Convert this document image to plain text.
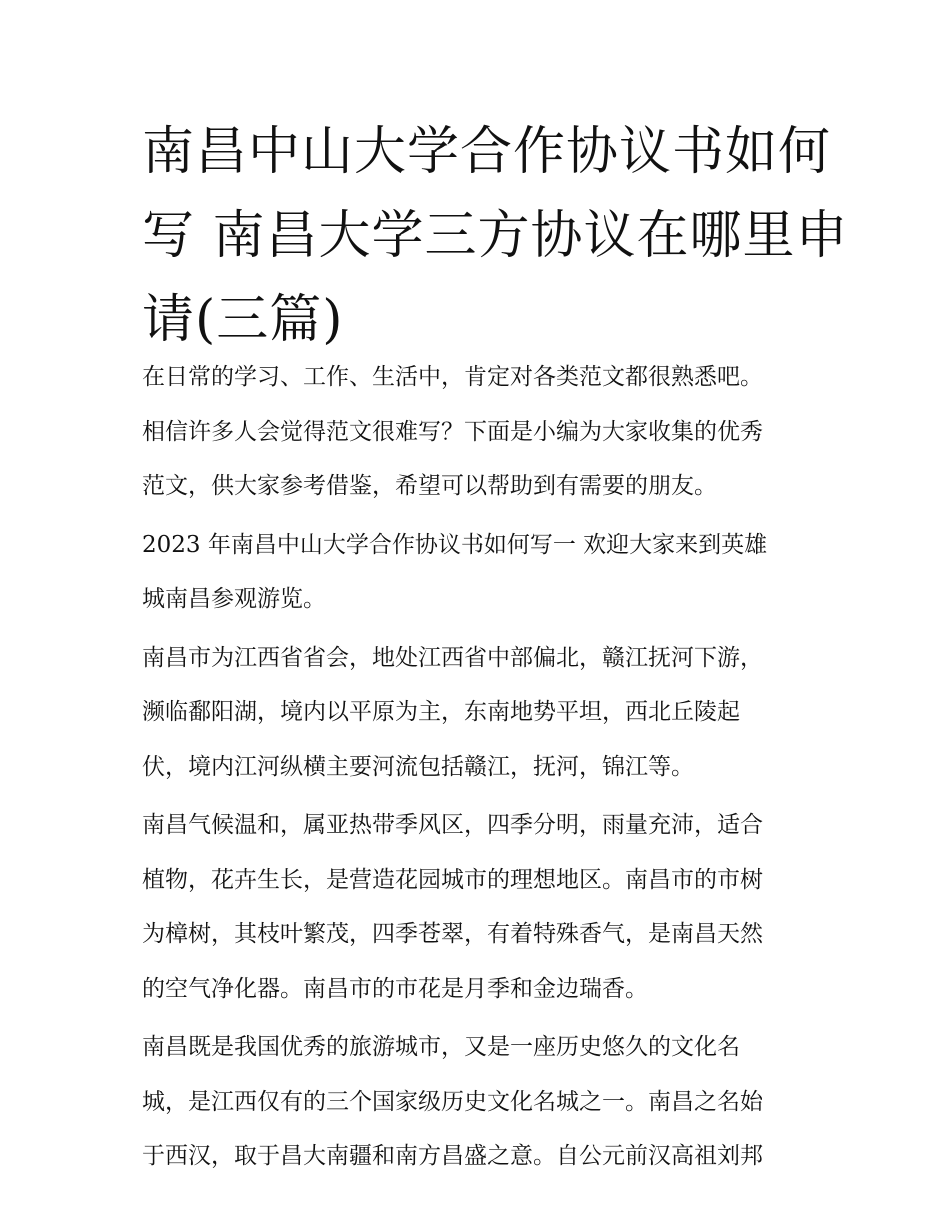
南昌中山大学合作协议书如何
写 南昌大学三方协议在哪里申
请(三篇)
在日常的学习、工作、生活中，肯定对各类范文都很熟悉吧。
相信许多人会觉得范文很难写？下面是小编为大家收集的优秀
范文，供大家参考借鉴，希望可以帮助到有需要的朋友。
2023 年南昌中山大学合作协议书如何写一 欢迎大家来到英雄
城南昌参观游览。
南昌市为江西省省会，地处江西省中部偏北，赣江抚河下游，
濒临鄱阳湖，境内以平原为主，东南地势平坦，西北丘陵起
伏，境内江河纵横主要河流包括赣江，抚河，锦江等。
南昌气候温和，属亚热带季风区，四季分明，雨量充沛，适合
植物，花卉生长，是营造花园城市的理想地区。南昌市的市树
为樟树，其枝叶繁茂，四季苍翠，有着特殊香气，是南昌天然
的空气净化器。南昌市的市花是月季和金边瑞香。
南昌既是我国优秀的旅游城市，又是一座历史悠久的文化名
城，是江西仅有的三个国家级历史文化名城之一。南昌之名始
于西汉，取于昌大南疆和南方昌盛之意。自公元前汉高祖刘邦
